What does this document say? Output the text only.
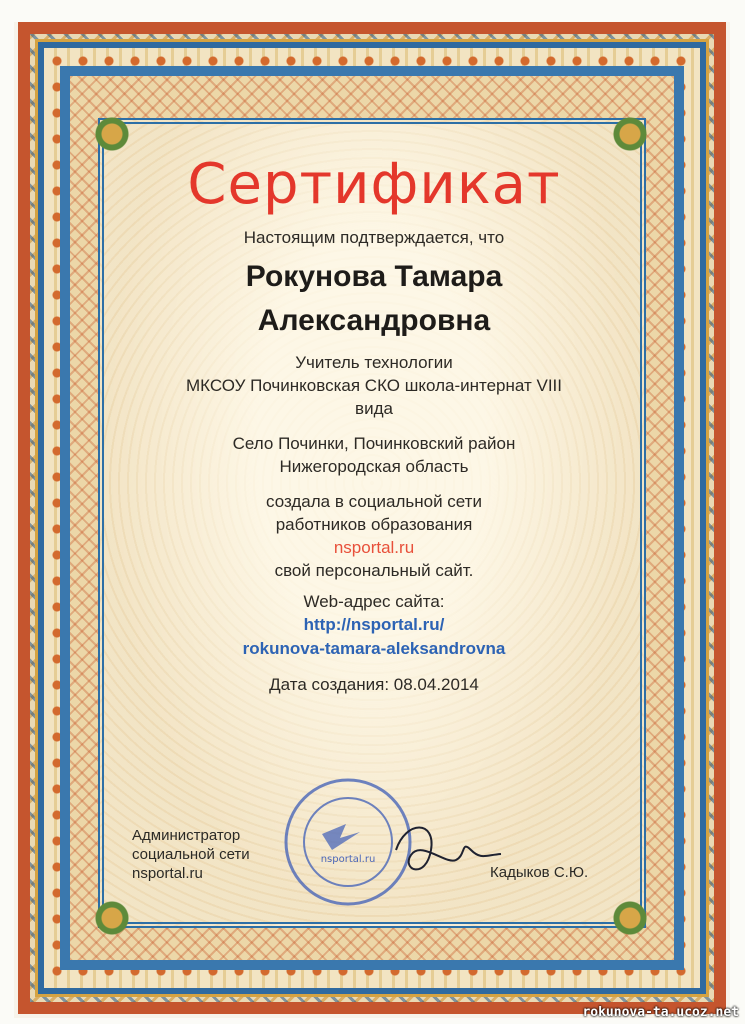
Сертификат
Настоящим подтверждается, что
Рокунова Тамара
Александровна
Учитель технологии
МКСОУ Починковская СКО школа-интернат VIII
вида
Село Починки, Починковский район
Нижегородская область
создала в социальной сети
работников образования
nsportal.ru
свой персональный сайт.
Web-адрес сайта:
http://nsportal.ru/
rokunova-tamara-aleksandrovna
Дата создания: 08.04.2014
Администратор
социальной сети
nsportal.ru
nsportal.ru
Кадыков С.Ю.
rokunova-ta.ucoz.net
